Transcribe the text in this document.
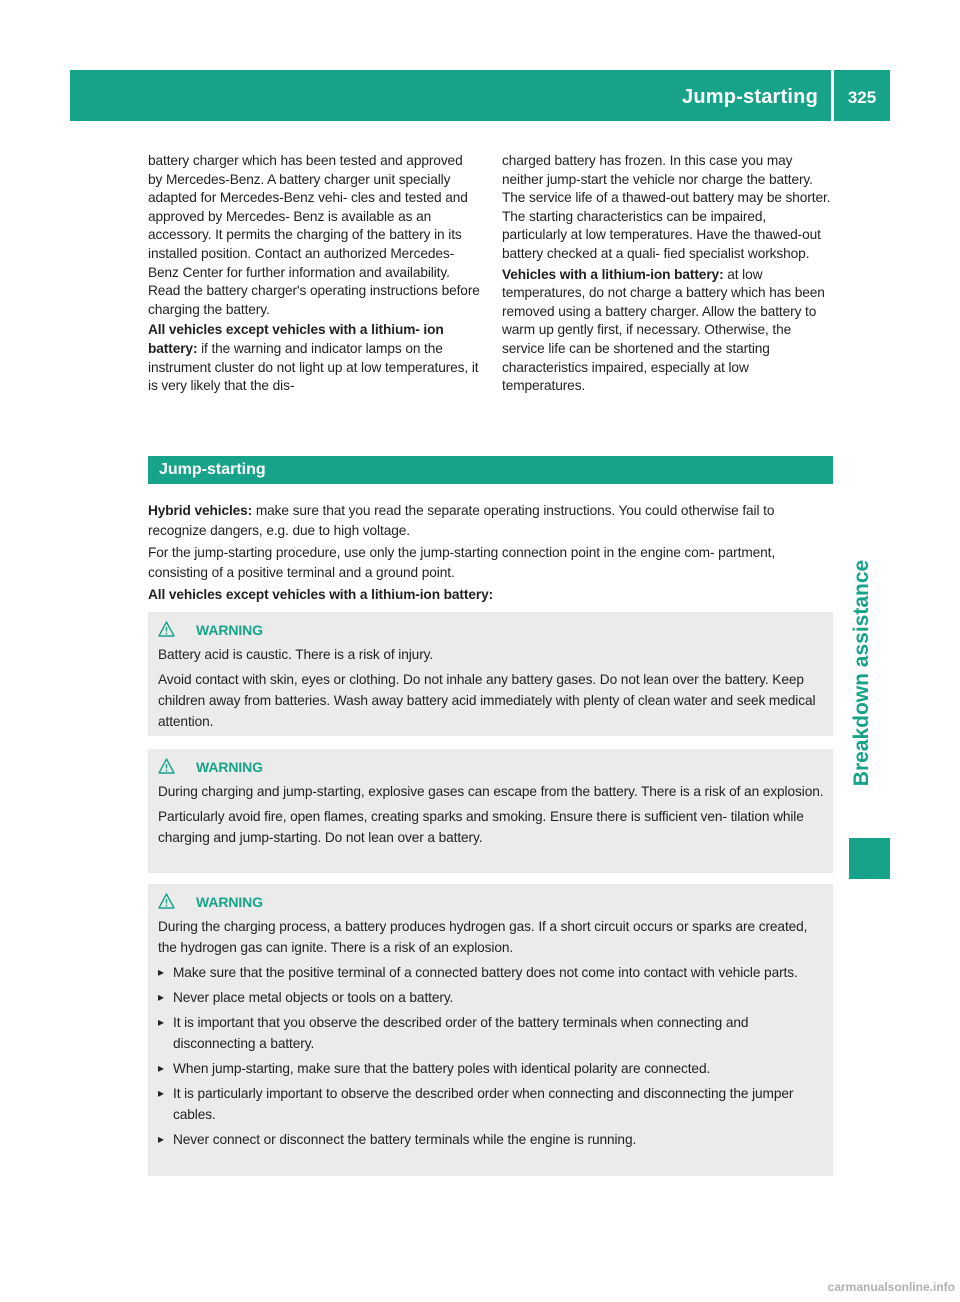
Jump-starting	325
Breakdown assistance

battery charger which has been tested and approved by Mercedes-Benz. A battery charger unit specially adapted for Mercedes-Benz vehi- cles and tested and approved by Mercedes- Benz is available as an accessory. It permits the charging of the battery in its installed position. Contact an authorized Mercedes-Benz Center for further information and availability. Read the battery charger's operating instructions before charging the battery.

All vehicles except vehicles with a lithium- ion battery: if the warning and indicator lamps on the instrument cluster do not light up at low temperatures, it is very likely that the dis-

charged battery has frozen. In this case you may neither jump-start the vehicle nor charge the battery. The service life of a thawed-out battery may be shorter. The starting characteristics can be impaired, particularly at low temperatures. Have the thawed-out battery checked at a quali- fied specialist workshop.

Vehicles with a lithium-ion battery: at low temperatures, do not charge a battery which has been removed using a battery charger. Allow the battery to warm up gently first, if necessary. Otherwise, the service life can be shortened and the starting characteristics impaired, especially at low temperatures.

Jump-starting

Hybrid vehicles: make sure that you read the separate operating instructions. You could otherwise fail to recognize dangers, e.g. due to high voltage.

For the jump-starting procedure, use only the jump-starting connection point in the engine com- partment, consisting of a positive terminal and a ground point.

All vehicles except vehicles with a lithium-ion battery:

WARNING

Battery acid is caustic. There is a risk of injury.

Avoid contact with skin, eyes or clothing. Do not inhale any battery gases. Do not lean over the battery. Keep children away from batteries. Wash away battery acid immediately with plenty of clean water and seek medical attention.

WARNING

During charging and jump-starting, explosive gases can escape from the battery. There is a risk of an explosion.

Particularly avoid fire, open flames, creating sparks and smoking. Ensure there is sufficient ven- tilation while charging and jump-starting. Do not lean over a battery.

WARNING

During the charging process, a battery produces hydrogen gas. If a short circuit occurs or sparks are created, the hydrogen gas can ignite. There is a risk of an explosion.

▸ Make sure that the positive terminal of a connected battery does not come into contact with vehicle parts.
▸ Never place metal objects or tools on a battery.
▸ It is important that you observe the described order of the battery terminals when connecting and disconnecting a battery.
▸ When jump-starting, make sure that the battery poles with identical polarity are connected.
▸ It is particularly important to observe the described order when connecting and disconnecting the jumper cables.
▸ Never connect or disconnect the battery terminals while the engine is running.
carmanualsonline.info
